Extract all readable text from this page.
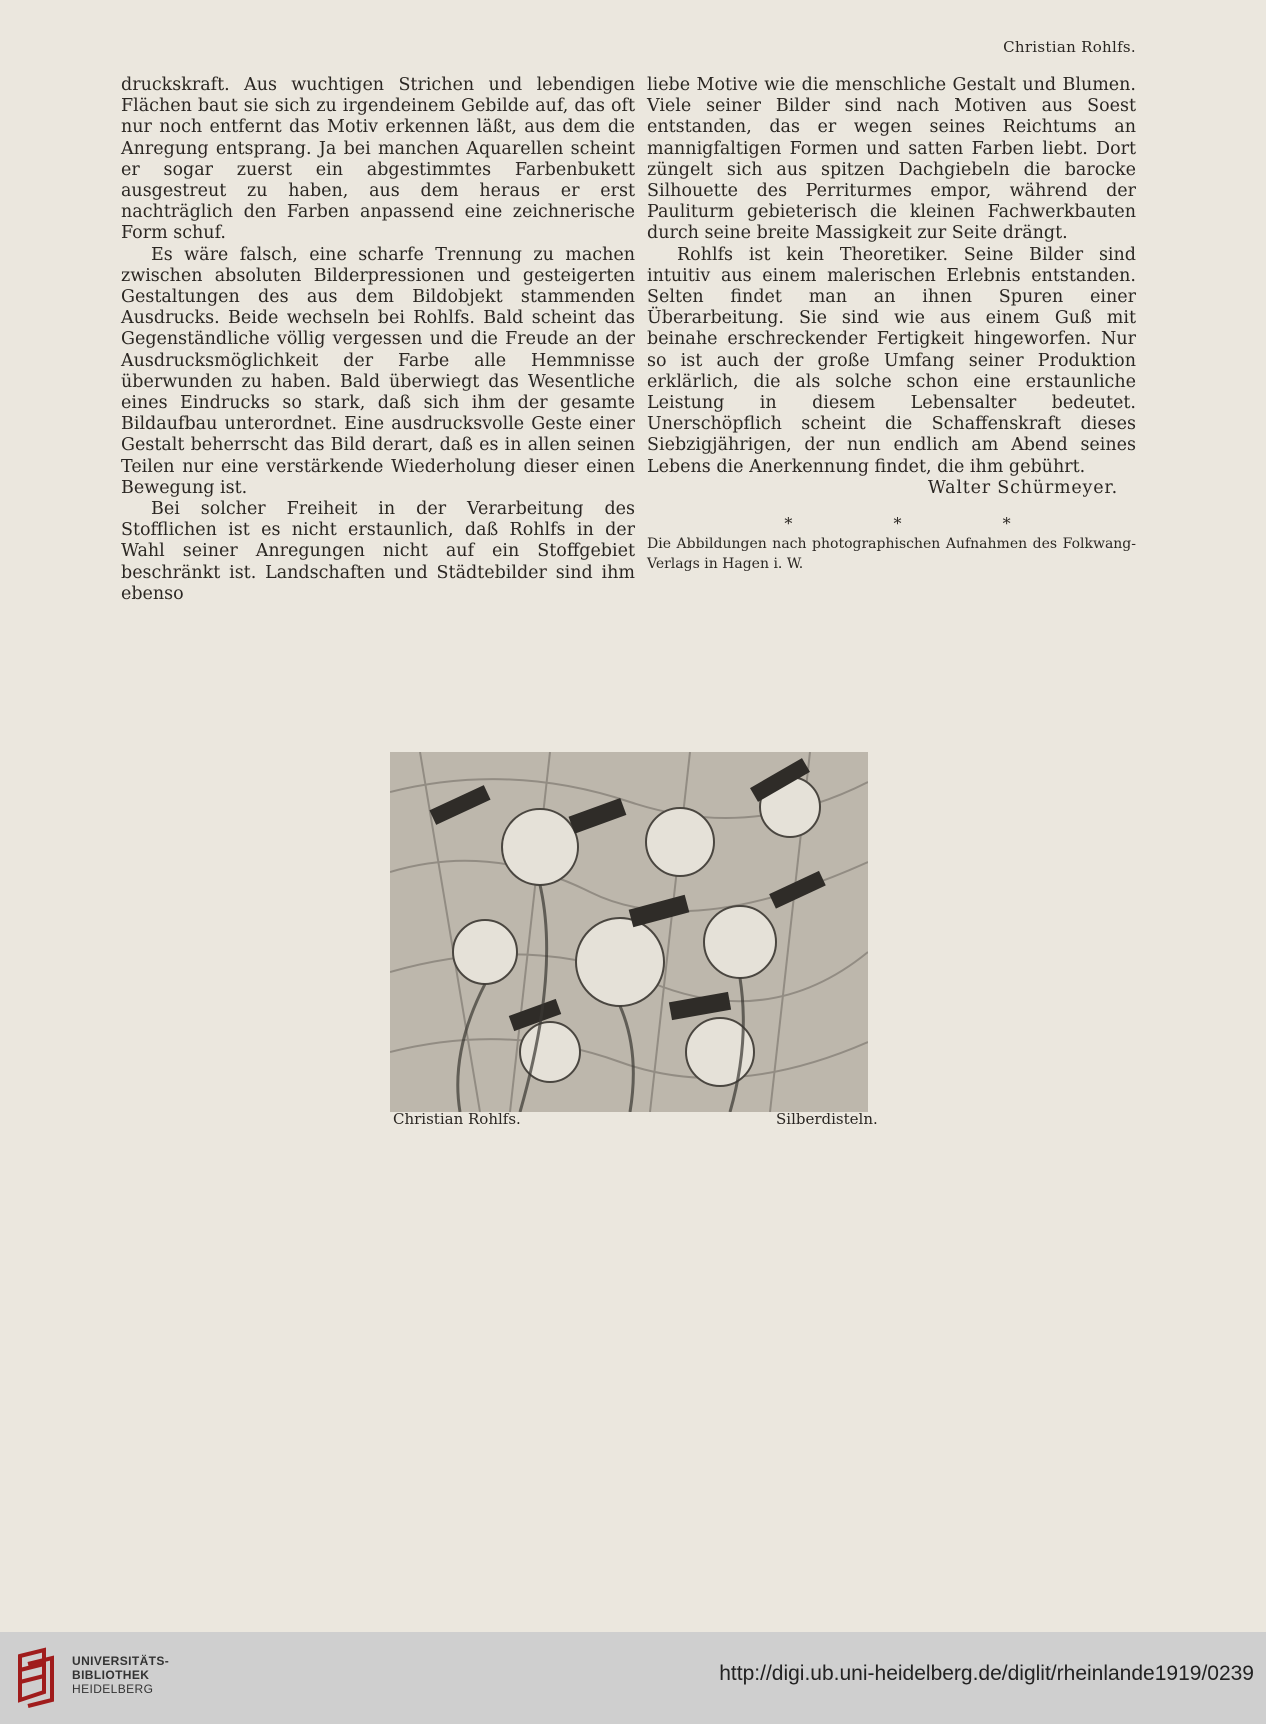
Christian Rohlfs.

druckskraft. Aus wuchtigen Strichen und lebendigen Flächen baut sie sich zu irgendeinem Gebilde auf, das oft nur noch entfernt das Motiv erkennen läßt, aus dem die Anregung entsprang. Ja bei manchen Aquarellen scheint er sogar zuerst ein abgestimmtes Farbenbukett ausgestreut zu haben, aus dem heraus er erst nachträglich den Farben anpassend eine zeichnerische Form schuf.

Es wäre falsch, eine scharfe Trennung zu machen zwischen absoluten Bilderpressionen und gesteigerten Gestaltungen des aus dem Bildobjekt stammenden Ausdrucks. Beide wechseln bei Rohlfs. Bald scheint das Gegenständliche völlig vergessen und die Freude an der Ausdrucksmöglichkeit der Farbe alle Hemmnisse überwunden zu haben. Bald überwiegt das Wesentliche eines Eindrucks so stark, daß sich ihm der gesamte Bildaufbau unterordnet. Eine ausdrucksvolle Geste einer Gestalt beherrscht das Bild derart, daß es in allen seinen Teilen nur eine verstärkende Wiederholung dieser einen Bewegung ist.

Bei solcher Freiheit in der Verarbeitung des Stofflichen ist es nicht erstaunlich, daß Rohlfs in der Wahl seiner Anregungen nicht auf ein Stoffgebiet beschränkt ist. Landschaften und Städtebilder sind ihm ebenso

liebe Motive wie die menschliche Gestalt und Blumen. Viele seiner Bilder sind nach Motiven aus Soest entstanden, das er wegen seines Reichtums an mannigfaltigen Formen und satten Farben liebt. Dort züngelt sich aus spitzen Dachgiebeln die barocke Silhouette des Perriturmes empor, während der Pauliturm gebieterisch die kleinen Fachwerkbauten durch seine breite Massigkeit zur Seite drängt.

Rohlfs ist kein Theoretiker. Seine Bilder sind intuitiv aus einem malerischen Erlebnis entstanden. Selten findet man an ihnen Spuren einer Überarbeitung. Sie sind wie aus einem Guß mit beinahe erschreckender Fertigkeit hingeworfen. Nur so ist auch der große Umfang seiner Produktion erklärlich, die als solche schon eine erstaunliche Leistung in diesem Lebensalter bedeutet. Unerschöpflich scheint die Schaffenskraft dieses Siebzigjährigen, der nun endlich am Abend seines Lebens die Anerkennung findet, die ihm gebührt.

Walter Schürmeyer.
* * *

Die Abbildungen nach photographischen Aufnahmen des Folkwang-Verlags in Hagen i. W.

Christian Rohlfs.	Silberdisteln.
UNIVERSITÄTS-
BIBLIOTHEK
HEIDELBERG
http://digi.ub.uni-heidelberg.de/diglit/rheinlande1919/0239
